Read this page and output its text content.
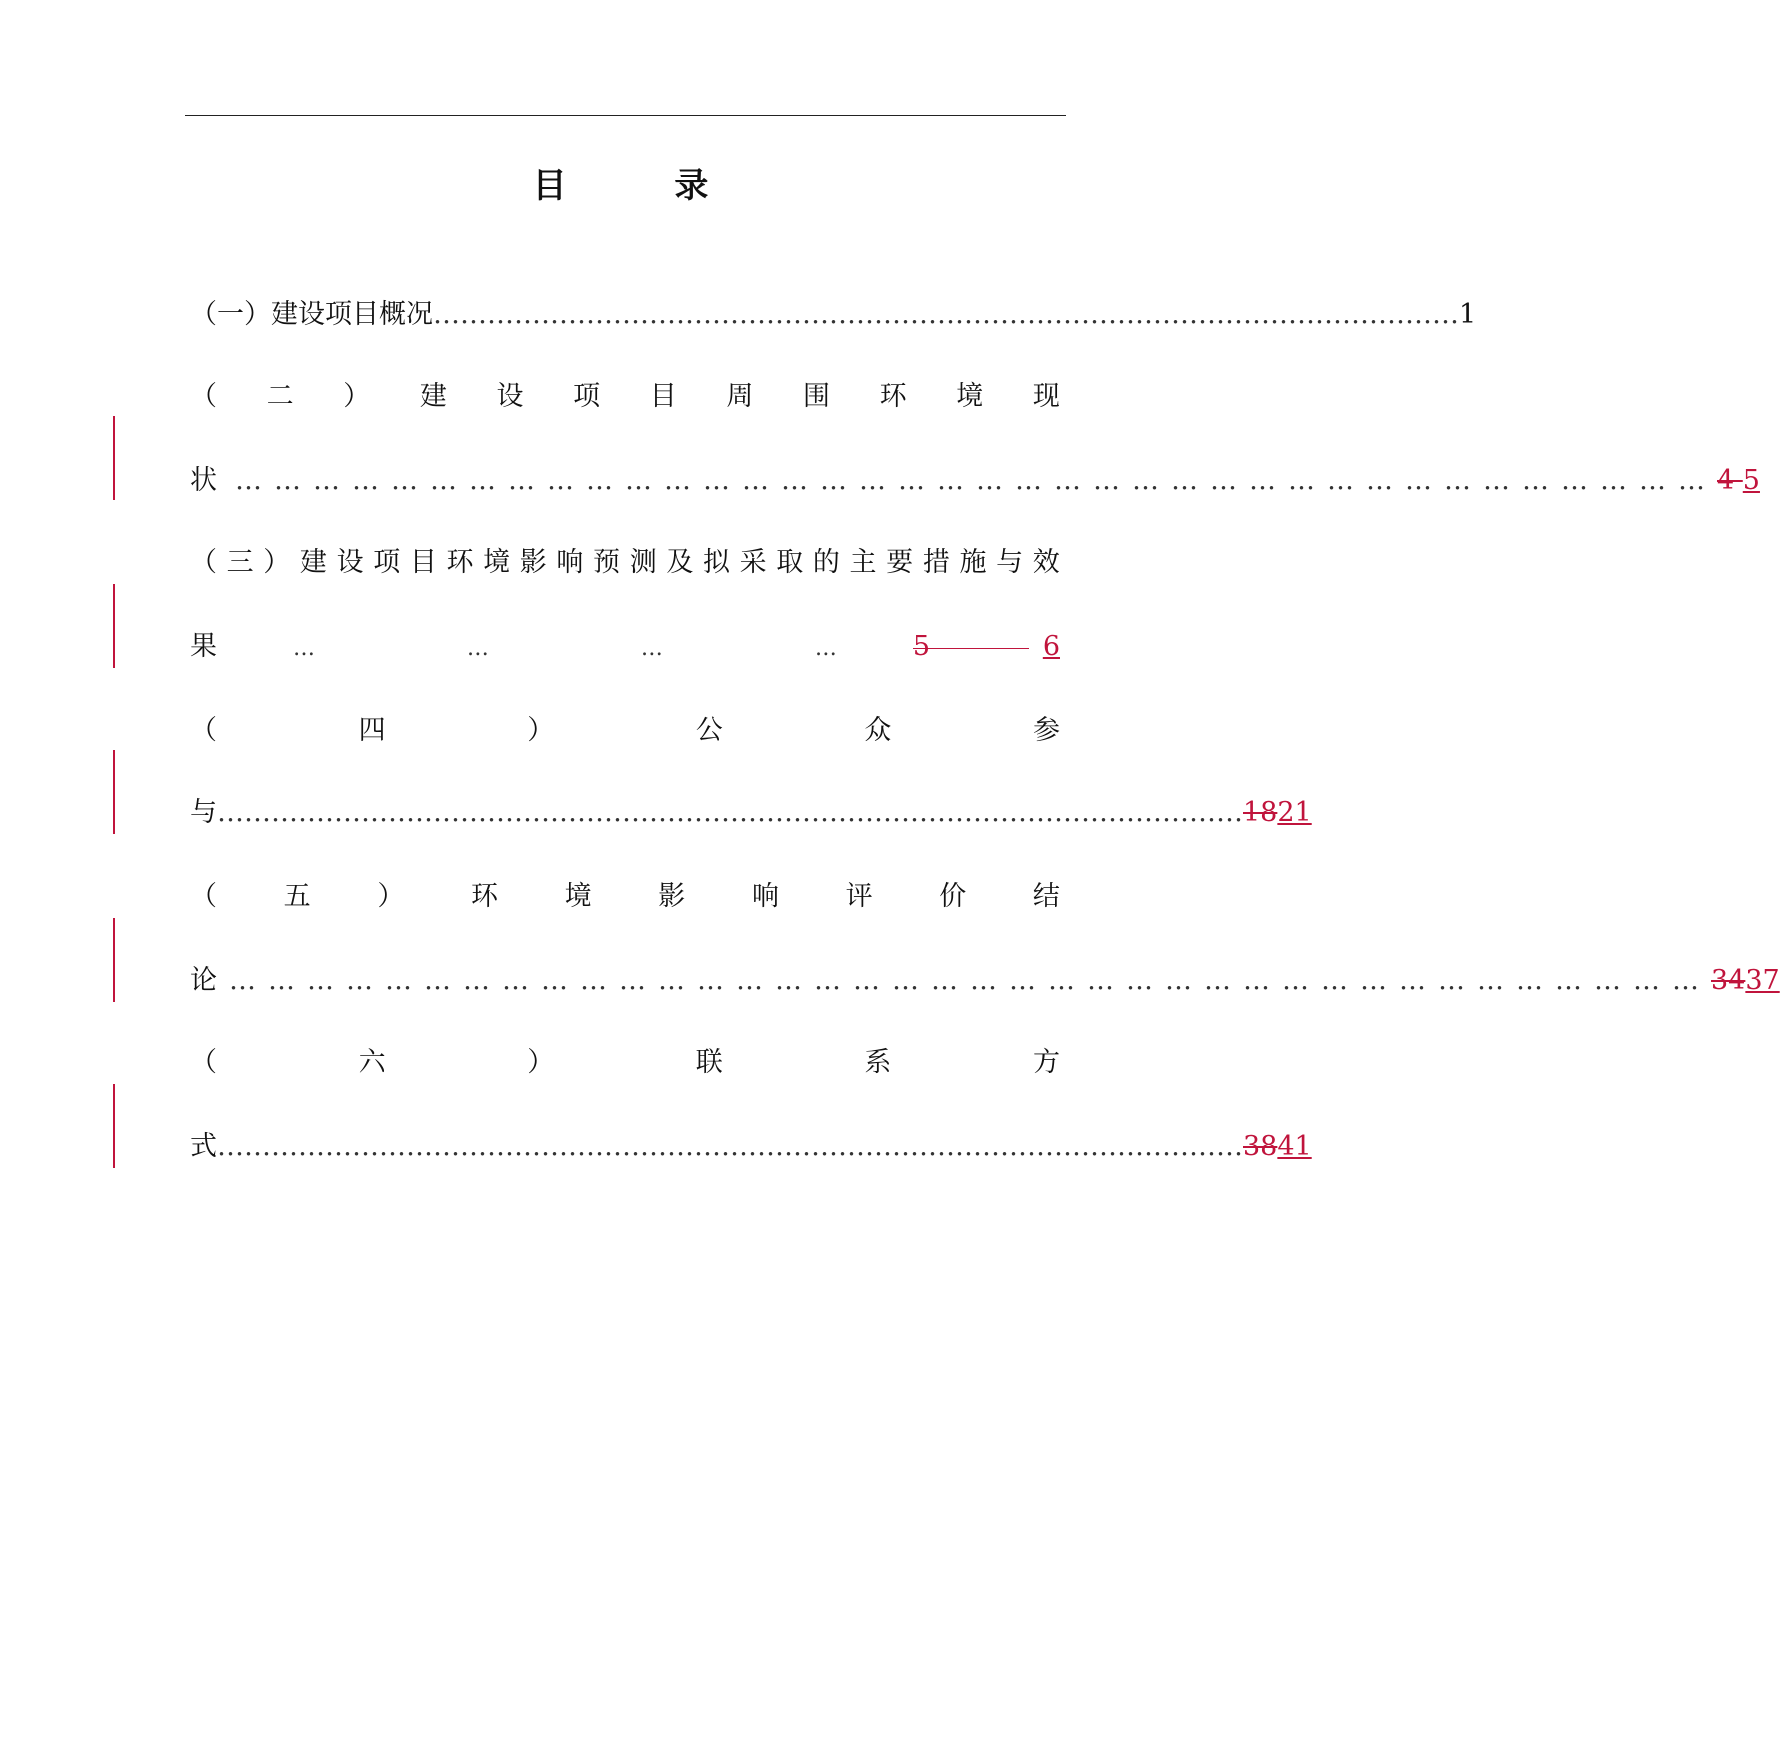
目 录
（一）建设项目概况 …………………………………………………………………………………………………… 1
（ 二 ） 建 设 项 目 周 围 环 境 现
状 …………………………………………………………………………………………………… 4 5
（ 三 ） 建 设 项 目 环 境 影 响 预 测 及 拟 采 取 的 主 要 措 施 与 效
果	…	…	…	…	5	6
（	四	）	公	众	参
与 …………………………………………………………………………………………………… 1821
（ 五 ） 环 境 影 响 评 价 结
论 …………………………………………………………………………………………………… 3437
（	六	）	联	系	方
式 …………………………………………………………………………………………………… 3841
